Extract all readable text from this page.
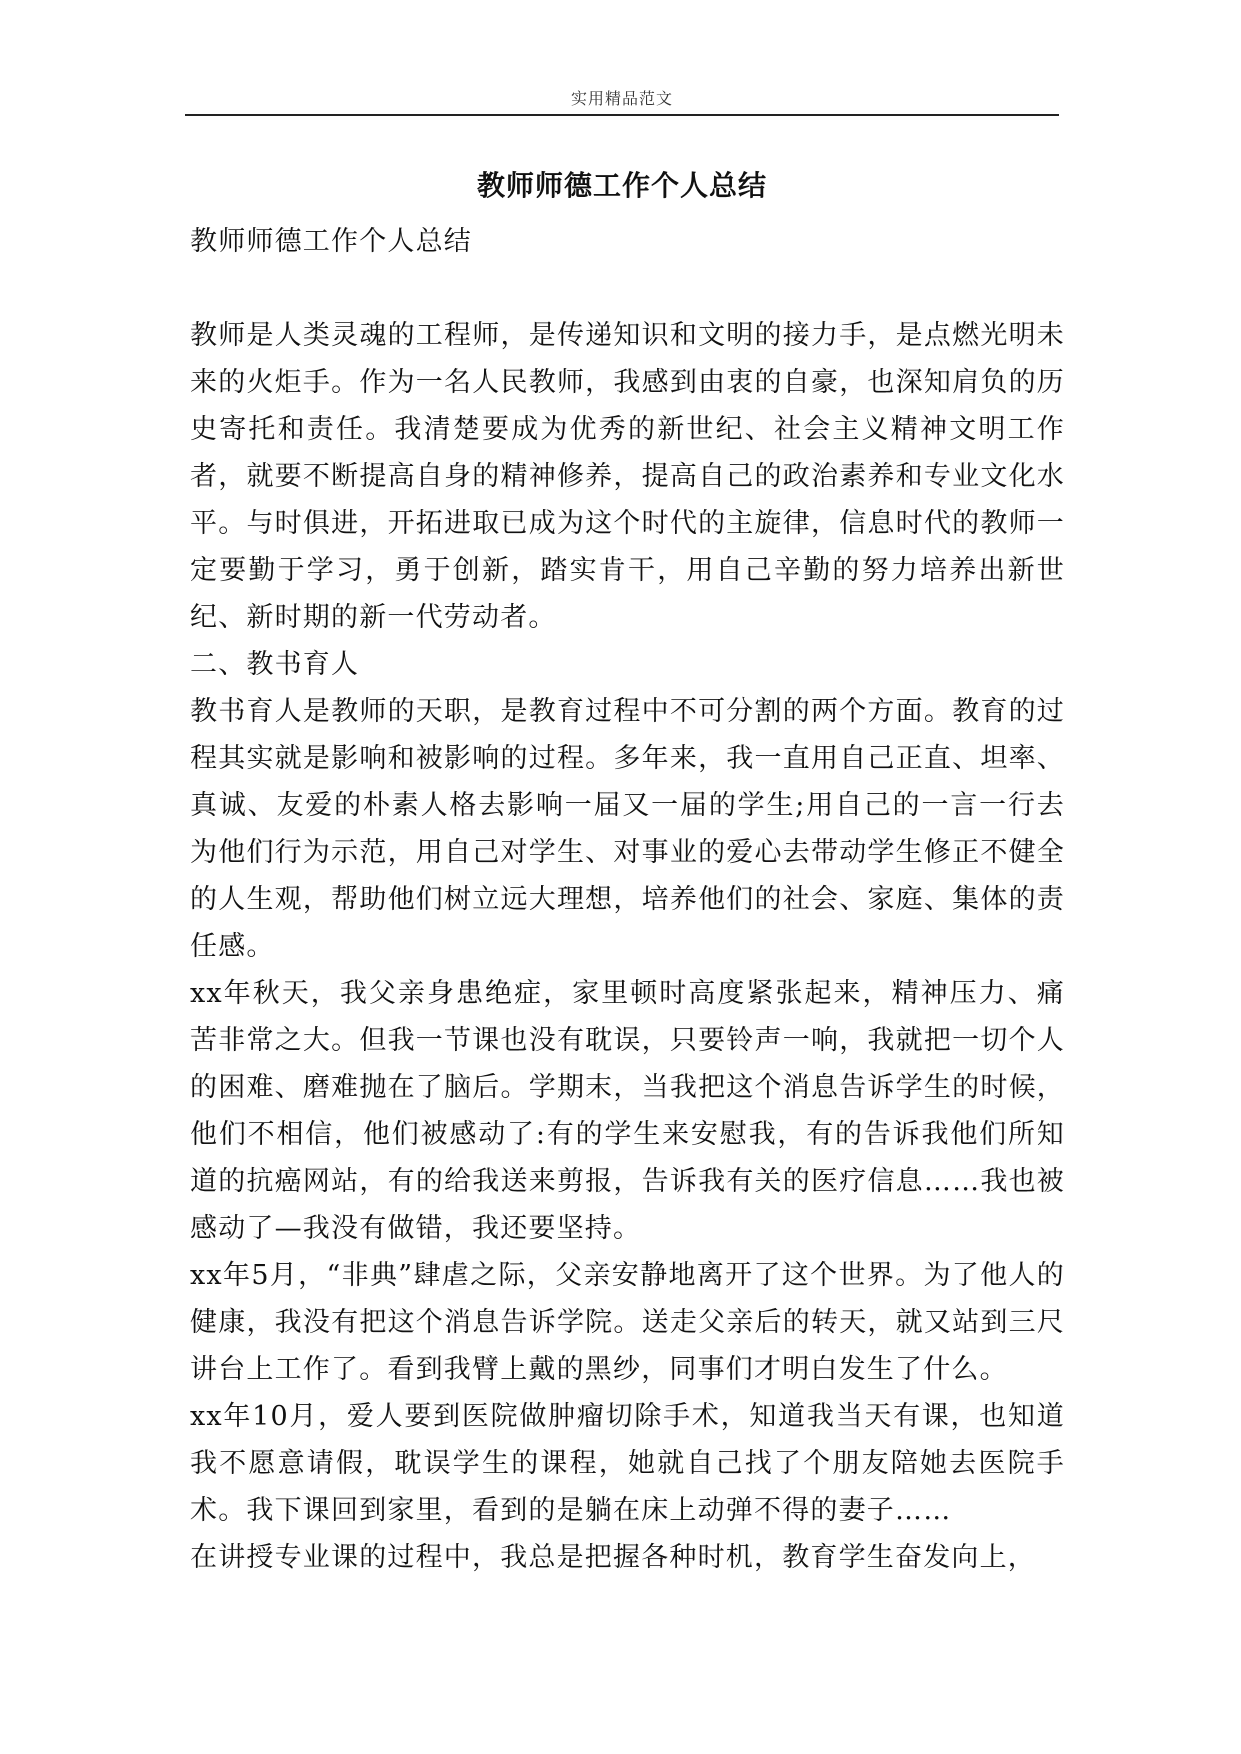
实用精品范文
教师师德工作个人总结

教师师德工作个人总结

教师是人类灵魂的工程师，是传递知识和文明的接力手，是点燃光明未来的火炬手。作为一名人民教师，我感到由衷的自豪，也深知肩负的历史寄托和责任。我清楚要成为优秀的新世纪、社会主义精神文明工作者，就要不断提高自身的精神修养，提高自己的政治素养和专业文化水平。与时俱进，开拓进取已成为这个时代的主旋律，信息时代的教师一定要勤于学习，勇于创新，踏实肯干，用自己辛勤的努力培养出新世纪、新时期的新一代劳动者。

二、教书育人

教书育人是教师的天职，是教育过程中不可分割的两个方面。教育的过程其实就是影响和被影响的过程。多年来，我一直用自己正直、坦率、真诚、友爱的朴素人格去影响一届又一届的学生;用自己的一言一行去为他们行为示范，用自己对学生、对事业的爱心去带动学生修正不健全的人生观，帮助他们树立远大理想，培养他们的社会、家庭、集体的责任感。

xx年秋天，我父亲身患绝症，家里顿时高度紧张起来，精神压力、痛苦非常之大。但我一节课也没有耽误，只要铃声一响，我就把一切个人的困难、磨难抛在了脑后。学期末，当我把这个消息告诉学生的时候，他们不相信，他们被感动了:有的学生来安慰我，有的告诉我他们所知道的抗癌网站，有的给我送来剪报，告诉我有关的医疗信息……我也被感动了—我没有做错，我还要坚持。

xx年5月，“非典”肆虐之际，父亲安静地离开了这个世界。为了他人的健康，我没有把这个消息告诉学院。送走父亲后的转天，就又站到三尺讲台上工作了。看到我臂上戴的黑纱，同事们才明白发生了什么。

xx年10月，爱人要到医院做肿瘤切除手术，知道我当天有课，也知道我不愿意请假，耽误学生的课程，她就自己找了个朋友陪她去医院手术。我下课回到家里，看到的是躺在床上动弹不得的妻子……

在讲授专业课的过程中，我总是把握各种时机，教育学生奋发向上，
